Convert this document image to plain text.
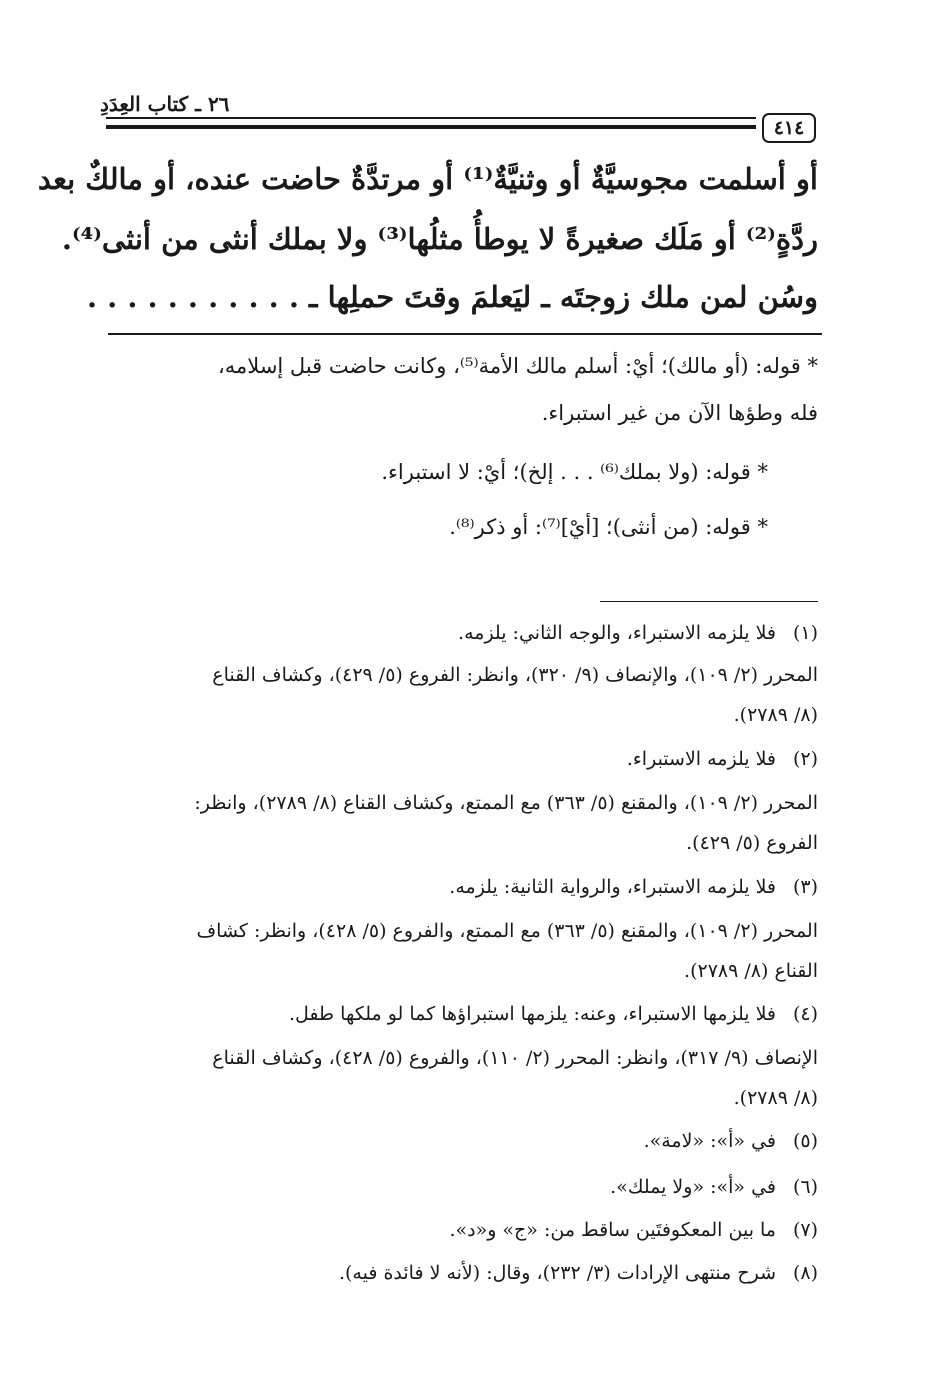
٢٦ ـ كتاب العِدَدِ
٤١٤
أو أسلمت مجوسيَّةٌ أو وثنيَّةٌ⁽¹⁾ أو مرتدَّةٌ حاضت عنده، أو مالكٌ بعد
ردَّةٍ⁽²⁾ أو مَلَك صغيرةً لا يوطأُ مثلُها⁽³⁾ ولا بملك أنثى من أنثى⁽⁴⁾.
وسُن لمن ملك زوجتَه ـ ليَعلمَ وقتَ حملِها ـ . . . . . . . . . . .
* قوله: (أو مالك)؛ أيْ: أسلم مالك الأمة⁽⁵⁾، وكانت حاضت قبل إسلامه،
فله وطؤها الآن من غير استبراء.
* قوله: (ولا بملك⁽⁶⁾ . . . إلخ)؛ أيْ: لا استبراء.
* قوله: (من أنثى)؛ [أيْ]⁽⁷⁾: أو ذكر⁽⁸⁾.
(١)فلا يلزمه الاستبراء، والوجه الثاني: يلزمه.
المحرر (٢/ ١٠٩)، والإنصاف (٩/ ٣٢٠)، وانظر: الفروع (٥/ ٤٢٩)، وكشاف القناع
(٨/ ٢٧٨٩).
(٢)فلا يلزمه الاستبراء.
المحرر (٢/ ١٠٩)، والمقنع (٥/ ٣٦٣) مع الممتع، وكشاف القناع (٨/ ٢٧٨٩)، وانظر:
الفروع (٥/ ٤٢٩).
(٣)فلا يلزمه الاستبراء، والرواية الثانية: يلزمه.
المحرر (٢/ ١٠٩)، والمقنع (٥/ ٣٦٣) مع الممتع، والفروع (٥/ ٤٢٨)، وانظر: كشاف
القناع (٨/ ٢٧٨٩).
(٤)فلا يلزمها الاستبراء، وعنه: يلزمها استبراؤها كما لو ملكها طفل.
الإنصاف (٩/ ٣١٧)، وانظر: المحرر (٢/ ١١٠)، والفروع (٥/ ٤٢٨)، وكشاف القناع
(٨/ ٢٧٨٩).
(٥)في «أ»: «لامة».
(٦)في «أ»: «ولا يملك».
(٧)ما بين المعكوفتَين ساقط من: «ج» و«د».
(٨)شرح منتهى الإرادات (٣/ ٢٣٢)، وقال: (لأنه لا فائدة فيه).
